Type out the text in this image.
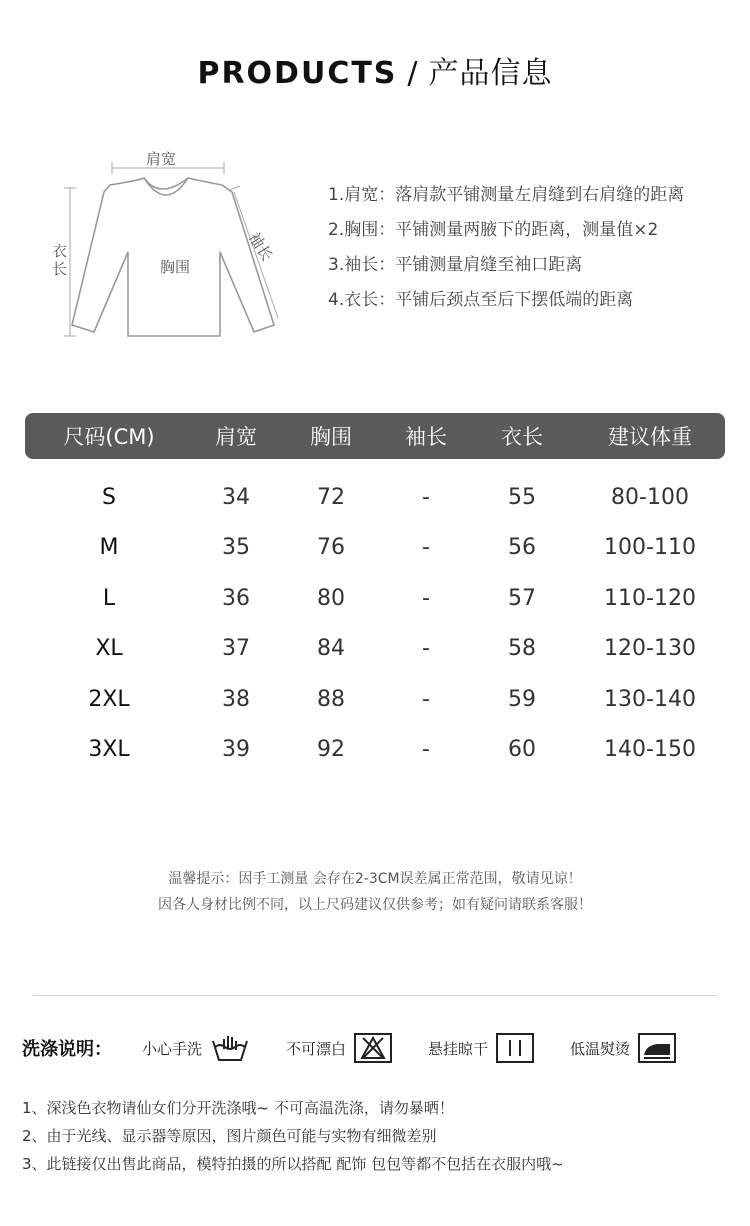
PRODUCTS / 产品信息
肩宽
胸围
袖长
衣
长
1.肩宽：落肩款平铺测量左肩缝到右肩缝的距离
2.胸围：平铺测量两腋下的距离，测量值×2
3.袖长：平铺测量肩缝至袖口距离
4.衣长：平铺后颈点至后下摆低端的距离
尺码(CM)	肩宽	胸围	袖长	衣长	建议体重
S	34	72	-	55	80-100
M	35	76	-	56	100-110
L	36	80	-	57	110-120
XL	37	84	-	58	120-130
2XL	38	88	-	59	130-140
3XL	39	92	-	60	140-150
温馨提示：因手工测量 会存在2-3CM误差属正常范围，敬请见谅！
因各人身材比例不同，以上尺码建议仅供参考；如有疑问请联系客服！
洗涤说明： 小心手洗	不可漂白	悬挂晾干	低温熨烫
1、深浅色衣物请仙女们分开洗涤哦~ 不可高温洗涤，请勿暴晒！
2、由于光线、显示器等原因，图片颜色可能与实物有细微差别
3、此链接仅出售此商品，模特拍摄的所以搭配 配饰 包包等都不包括在衣服内哦~
